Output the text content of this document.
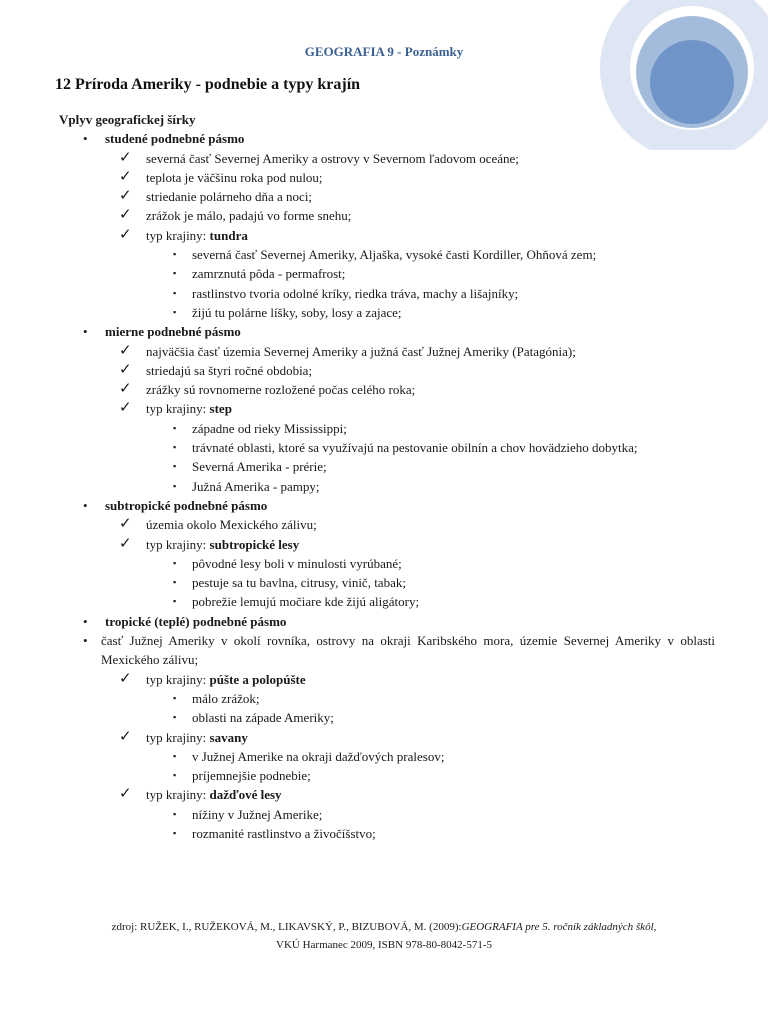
GEOGRAFIA 9 - Poznámky
12 Príroda Ameriky - podnebie a typy krajín
Vplyv geografickej šírky
• studené podnebné pásmo
✓ severná časť Severnej Ameriky a ostrovy v Severnom ľadovom oceáne;
✓ teplota je väčšinu roka pod nulou;
✓ striedanie polárneho dňa a noci;
✓ zrážok je málo, padajú vo forme snehu;
✓ typ krajiny: tundra
▪ severná časť Severnej Ameriky, Aljaška, vysoké časti Kordiller, Ohňová zem;
▪ zamrznutá pôda - permafrost;
▪ rastlinstvo tvoria odolné kríky, riedka tráva, machy a lišajníky;
▪ žijú tu polárne líšky, soby, losy a zajace;
• mierne podnebné pásmo
✓ najväčšia časť územia Severnej Ameriky a južná časť Južnej Ameriky (Patagónia);
✓ striedajú sa štyri ročné obdobia;
✓ zrážky sú rovnomerne rozložené počas celého roka;
✓ typ krajiny: step
▪ západne od rieky Mississippi;
▪ trávnaté oblasti, ktoré sa využívajú na pestovanie obilnín a chov hovädzieho dobytka;
▪ Severná Amerika - prérie;
▪ Južná Amerika - pampy;
• subtropické podnebné pásmo
✓ územia okolo Mexického zálivu;
✓ typ krajiny: subtropické lesy
▪ pôvodné lesy boli v minulosti vyrúbané;
▪ pestuje sa tu bavlna, citrusy, vinič, tabak;
▪ pobrežie lemujú močiare kde žijú aligátory;
• tropické (teplé) podnebné pásmo
• časť Južnej Ameriky v okolí rovníka, ostrovy na okraji Karibského mora, územie Severnej Ameriky v oblasti Mexického zálivu;
✓ typ krajiny: púšte a polopúšte
▪ málo zrážok;
▪ oblasti na západe Ameriky;
✓ typ krajiny: savany
▪ v Južnej Amerike na okraji dažďových pralesov;
▪ príjemnejšie podnebie;
✓ typ krajiny: dažďové lesy
▪ nížiny v Južnej Amerike;
▪ rozmanité rastlinstvo a živočíšstvo;
zdroj: RUŽEK, I., RUŽEKOVÁ, M., LIKAVSKÝ, P., BIZUBOVÁ, M. (2009):GEOGRAFIA pre 5. ročník základných škôl,
VKÚ Harmanec 2009, ISBN 978-80-8042-571-5
